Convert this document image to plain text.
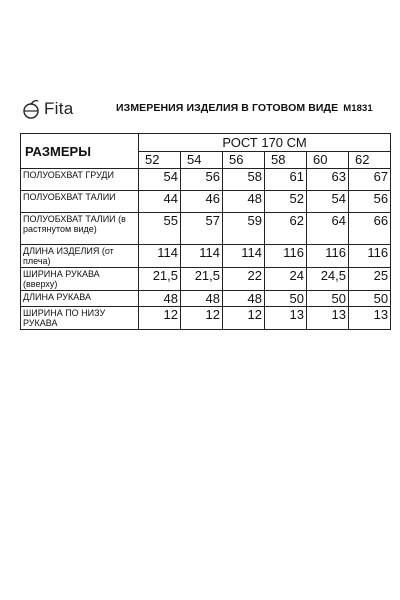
Fita	ИЗМЕРЕНИЯ ИЗДЕЛИЯ В ГОТОВОМ ВИДЕ М1831
РАЗМЕРЫ	РОСТ 170 СМ					
	52	54	56	58	60	62
ПОЛУОБХВАТ ГРУДИ	54	56	58	61	63	67
ПОЛУОБХВАТ ТАЛИИ	44	46	48	52	54	56
ПОЛУОБХВАТ ТАЛИИ (в растянутом виде)	55	57	59	62	64	66
ДЛИНА ИЗДЕЛИЯ (от плеча)	114	114	114	116	116	116
ШИРИНА РУКАВА (вверху)	21,5	21,5	22	24	24,5	25
ДЛИНА РУКАВА	48	48	48	50	50	50
ШИРИНА ПО НИЗУ РУКАВА	12	12	12	13	13	13
